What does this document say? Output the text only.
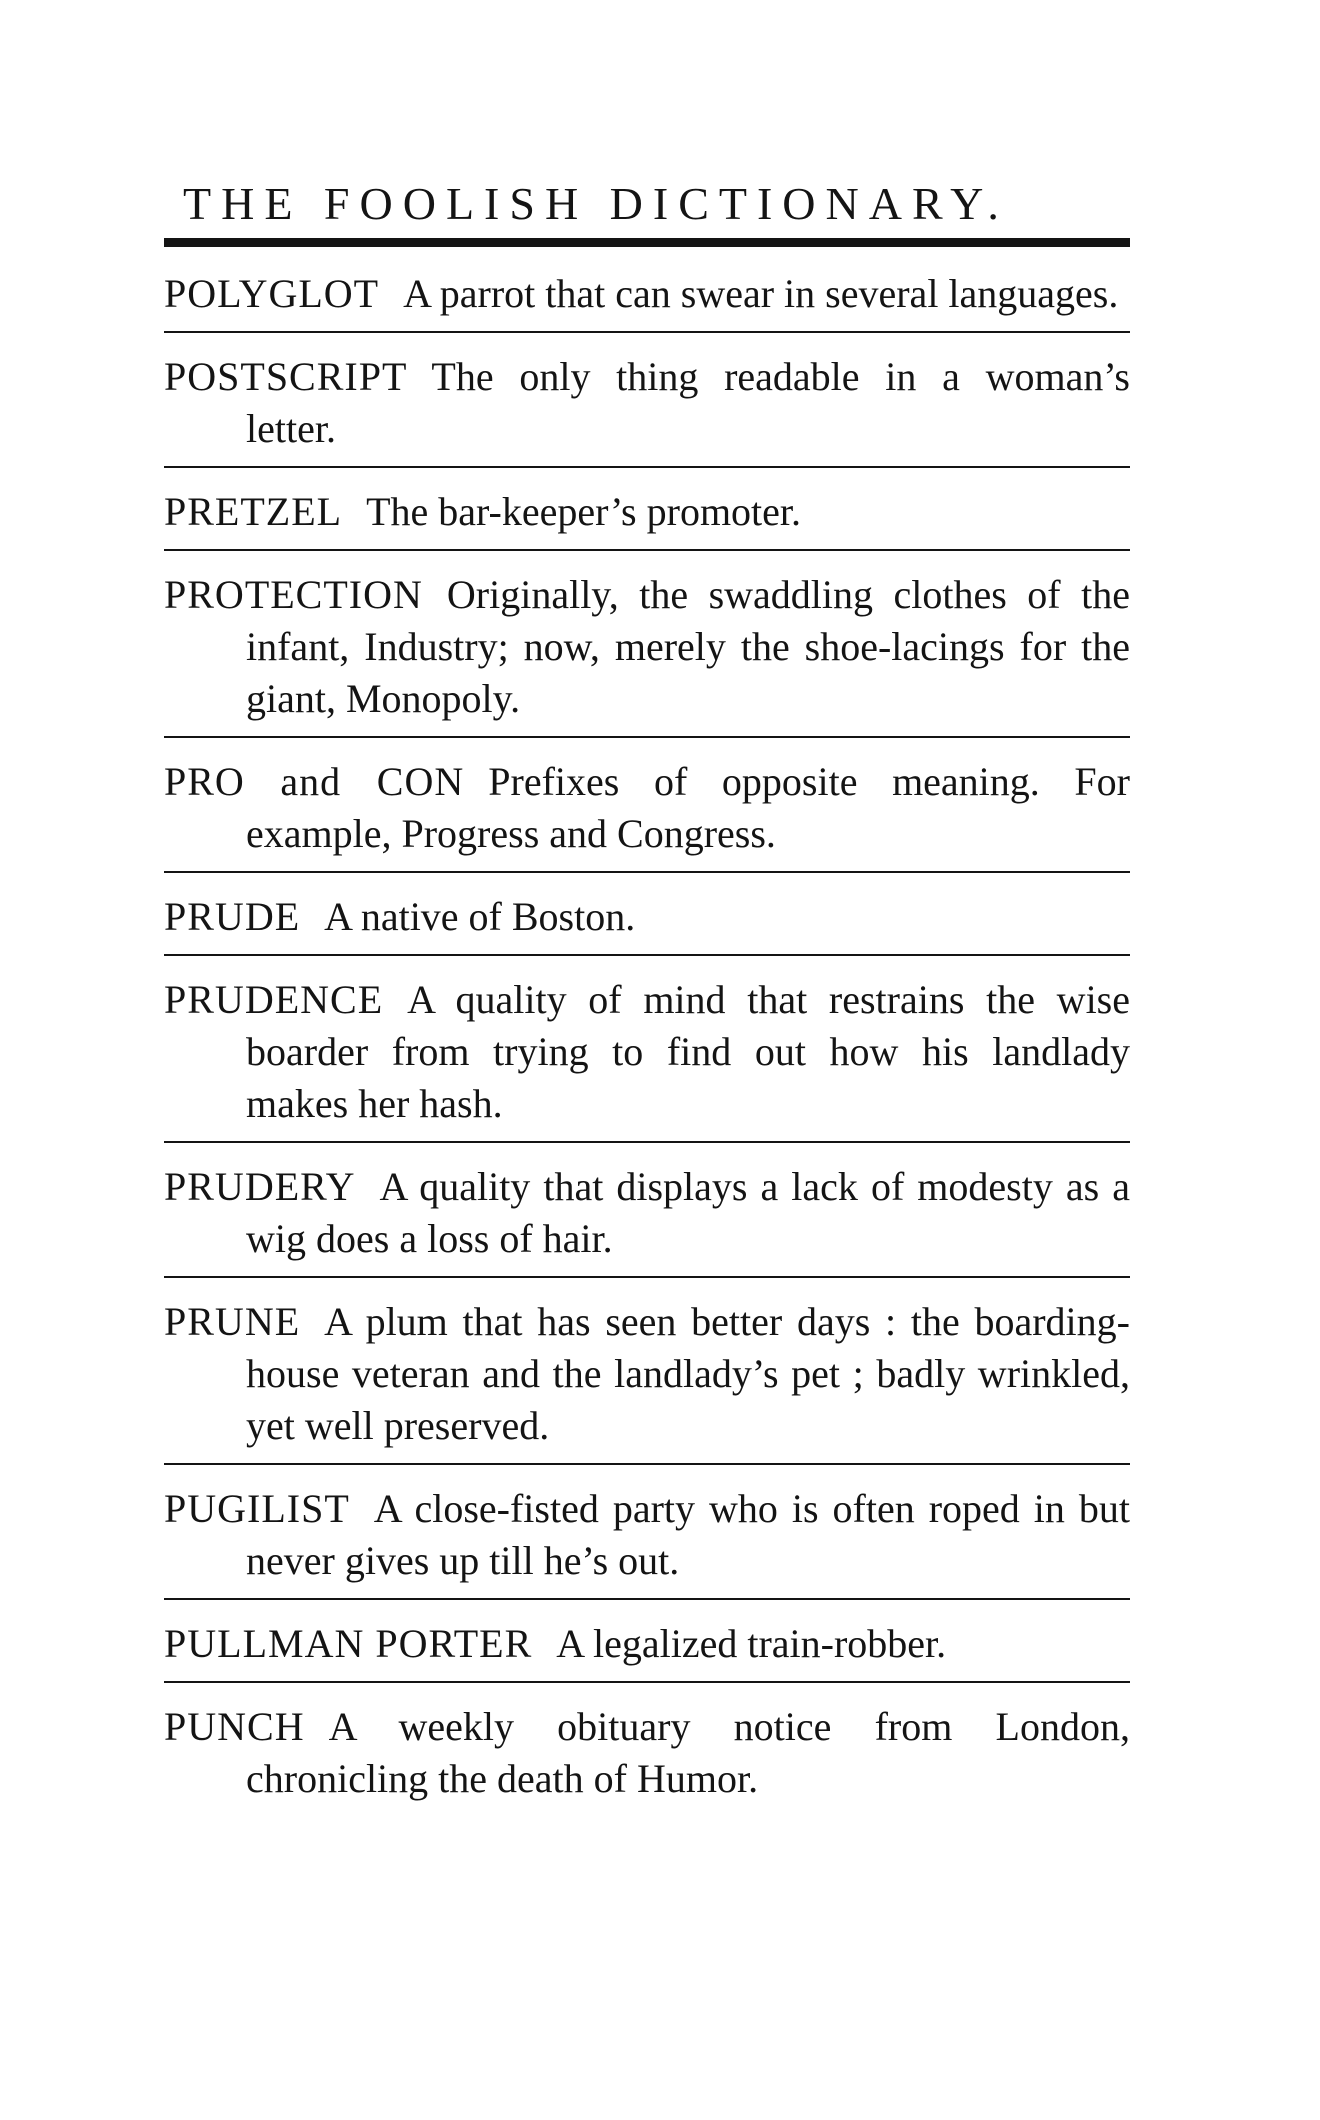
THE FOOLISH DICTIONARY.
POLYGLOT A parrot that can swear in several languages.
POSTSCRIPT The only thing readable in a woman’s letter.
PRETZEL The bar-keeper’s promoter.
PROTECTION Originally, the swaddling clothes of the infant, Industry; now, merely the shoe-lacings for the giant, Monopoly.
PRO and CON Prefixes of opposite meaning. For example, Progress and Congress.
PRUDE A native of Boston.
PRUDENCE A quality of mind that restrains the wise boarder from trying to find out how his landlady makes her hash.
PRUDERY A quality that displays a lack of modesty as a wig does a loss of hair.
PRUNE A plum that has seen better days : the boarding-house veteran and the landlady’s pet ; badly wrinkled, yet well preserved.
PUGILIST A close-fisted party who is often roped in but never gives up till he’s out.
PULLMAN PORTER A legalized train-robber.
PUNCH A weekly obituary notice from London, chronicling the death of Humor.
